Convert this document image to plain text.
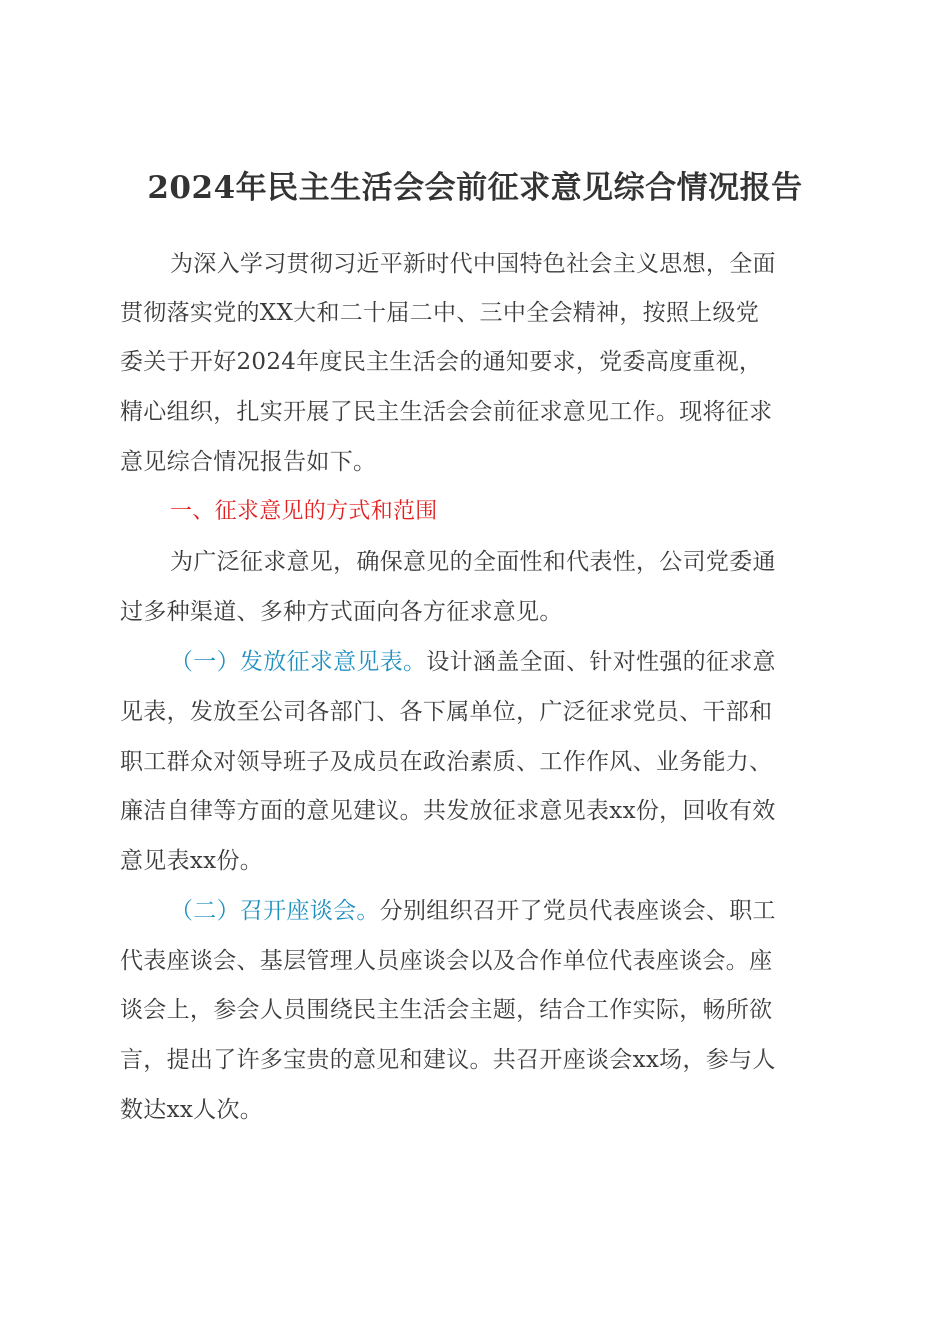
2024年民主生活会会前征求意见综合情况报告
为深入学习贯彻习近平新时代中国特色社会主义思想，全面
贯彻落实党的XX大和二十届二中、三中全会精神，按照上级党
委关于开好2024年度民主生活会的通知要求，党委高度重视，
精心组织，扎实开展了民主生活会会前征求意见工作。现将征求
意见综合情况报告如下。
一、征求意见的方式和范围
为广泛征求意见，确保意见的全面性和代表性，公司党委通
过多种渠道、多种方式面向各方征求意见。
（一）发放征求意见表。设计涵盖全面、针对性强的征求意
见表，发放至公司各部门、各下属单位，广泛征求党员、干部和
职工群众对领导班子及成员在政治素质、工作作风、业务能力、
廉洁自律等方面的意见建议。共发放征求意见表xx份，回收有效
意见表xx份。
（二）召开座谈会。分别组织召开了党员代表座谈会、职工
代表座谈会、基层管理人员座谈会以及合作单位代表座谈会。座
谈会上，参会人员围绕民主生活会主题，结合工作实际，畅所欲
言，提出了许多宝贵的意见和建议。共召开座谈会xx场，参与人
数达xx人次。
